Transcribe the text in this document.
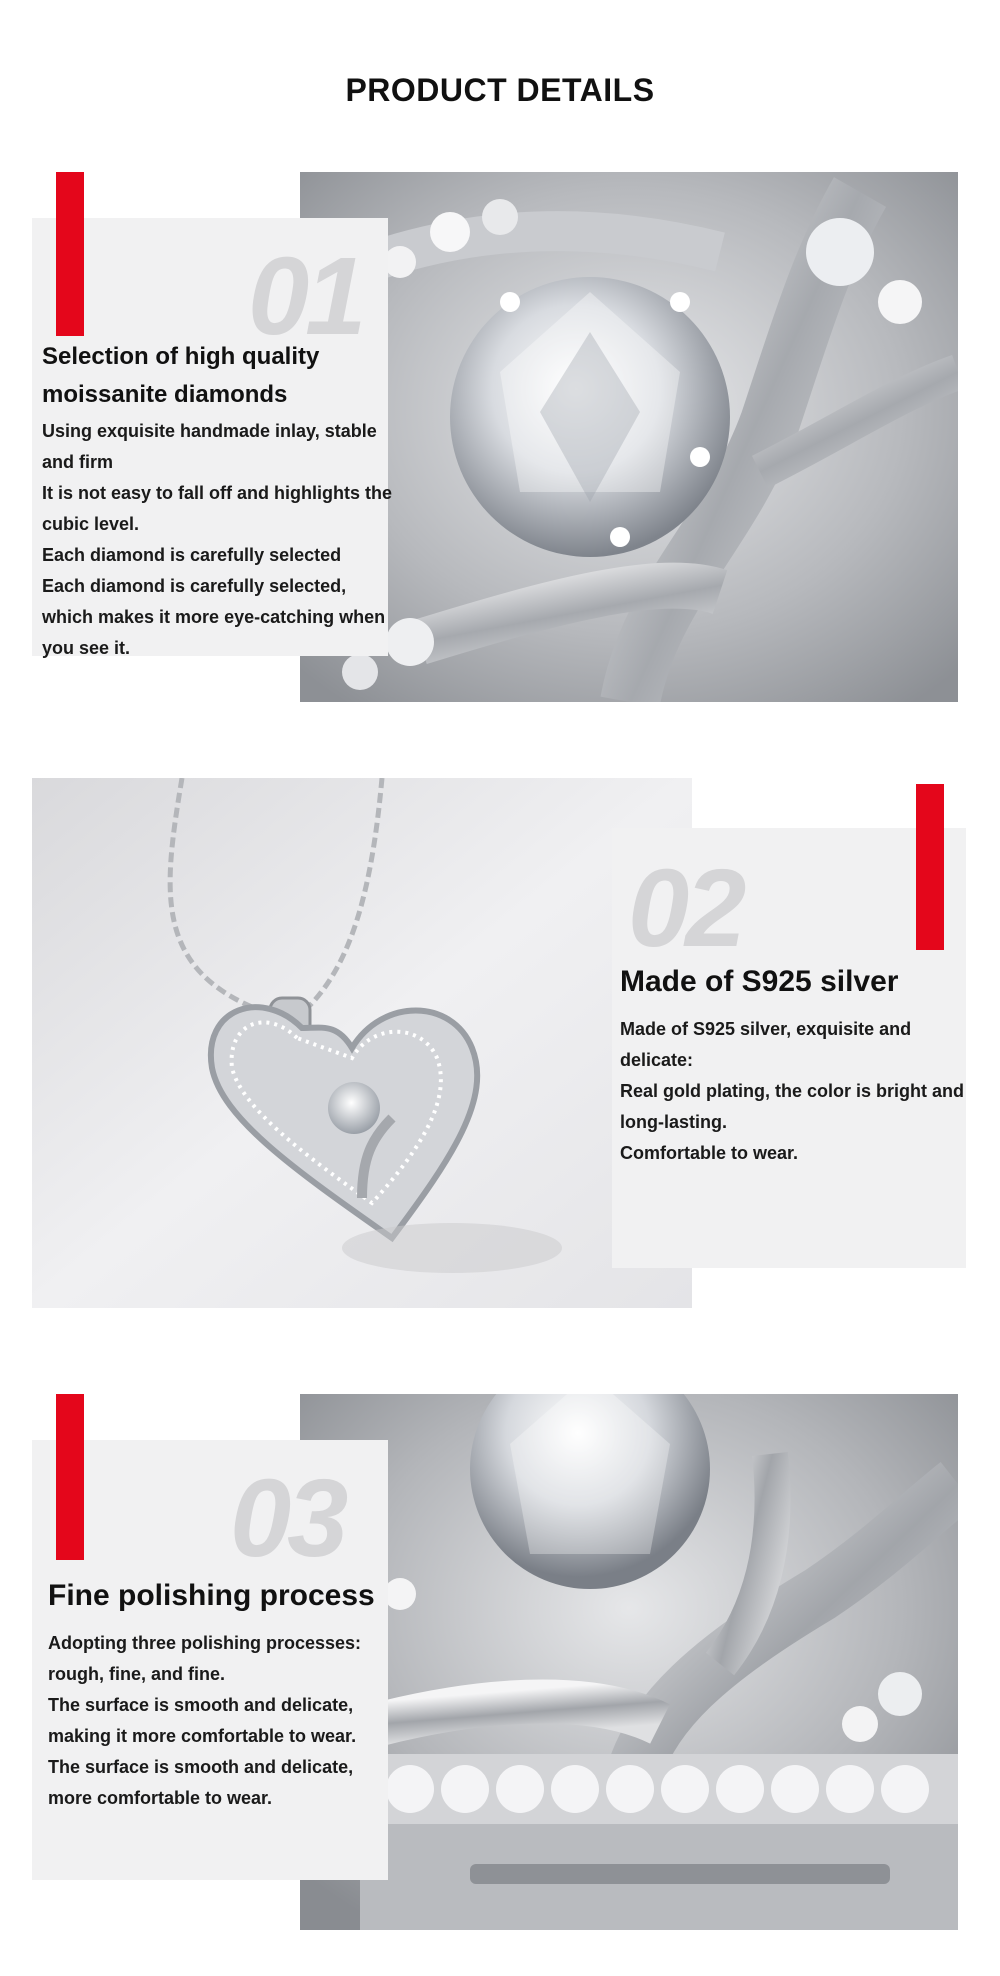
PRODUCT DETAILS
01
Selection of high quality
moissanite diamonds
Using exquisite handmade inlay, stable
and firm
It is not easy to fall off and highlights the
cubic level.
Each diamond is carefully selected
Each diamond is carefully selected,
which makes it more eye-catching when
you see it.
02
Made of S925 silver
Made of S925 silver, exquisite and
delicate:
Real gold plating, the color is bright and
long-lasting.
Comfortable to wear.
03
Fine polishing process
Adopting three polishing processes:
rough, fine, and fine.
The surface is smooth and delicate,
making it more comfortable to wear.
The surface is smooth and delicate,
more comfortable to wear.
